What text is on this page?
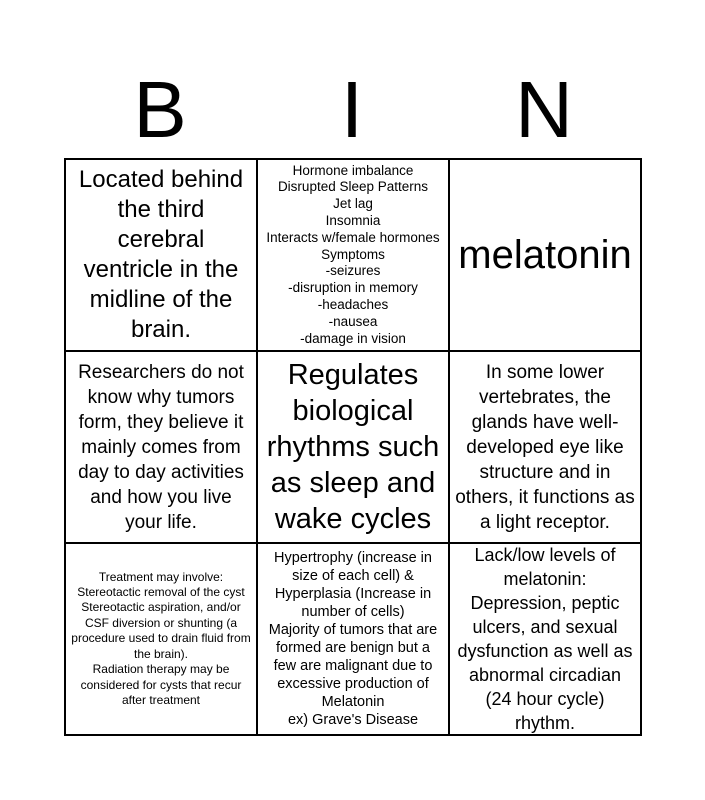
B	I	N
Located behind the third cerebral ventricle in the midline of the brain.
Hormone imbalance
Disrupted Sleep Patterns
Jet lag
Insomnia
Interacts w/female hormones
Symptoms
-seizures
-disruption in memory
-headaches
-nausea
-damage in vision
melatonin
Researchers do not know why tumors form, they believe it mainly comes from day to day activities and how you live your life.
Regulates biological rhythms such as sleep and wake cycles
In some lower vertebrates, the glands have well-developed eye like structure and in others, it functions as a light receptor.
Treatment may involve:
Stereotactic removal of the cyst
Stereotactic aspiration, and/or CSF diversion or shunting (a procedure used to drain fluid from the brain).
Radiation therapy may be considered for cysts that recur after treatment
Hypertrophy (increase in size of each cell) & Hyperplasia (Increase in number of cells)
Majority of tumors that are formed are benign but a few are malignant due to excessive production of Melatonin
ex) Grave's Disease
Lack/low levels of melatonin: Depression, peptic ulcers, and sexual dysfunction as well as abnormal circadian (24 hour cycle) rhythm.
